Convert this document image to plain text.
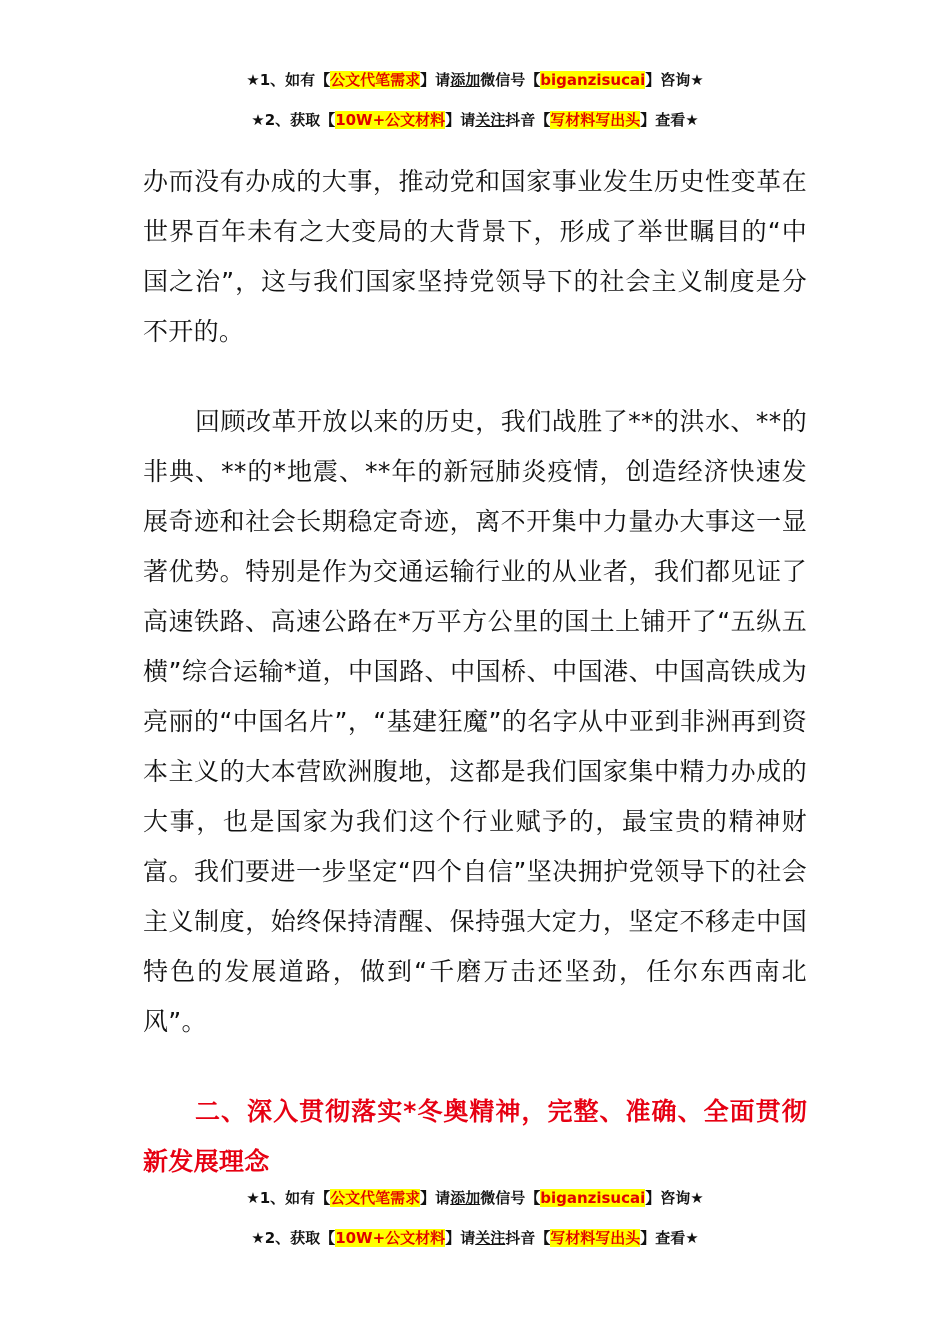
★1、如有【公文代笔需求】请添加微信号【biganzisucai】咨询★
★2、获取【10W+公文材料】请关注抖音【写材料写出头】查看★

办而没有办成的大事，推动党和国家事业发生历史性变革在世界百年未有之大变局的大背景下，形成了举世瞩目的“中国之治”，这与我们国家坚持党领导下的社会主义制度是分不开的。

回顾改革开放以来的历史，我们战胜了**的洪水、**的非典、**的*地震、**年的新冠肺炎疫情，创造经济快速发展奇迹和社会长期稳定奇迹，离不开集中力量办大事这一显著优势。特别是作为交通运输行业的从业者，我们都见证了高速铁路、高速公路在*万平方公里的国土上铺开了“五纵五横”综合运输*道，中国路、中国桥、中国港、中国高铁成为亮丽的“中国名片”，“基建狂魔”的名字从中亚到非洲再到资本主义的大本营欧洲腹地，这都是我们国家集中精力办成的大事，也是国家为我们这个行业赋予的，最宝贵的精神财富。我们要进一步坚定“四个自信”坚决拥护党领导下的社会主义制度，始终保持清醒、保持强大定力，坚定不移走中国特色的发展道路，做到“千磨万击还坚劲，任尔东西南北风”。

二、深入贯彻落实*冬奥精神，完整、准确、全面贯彻新发展理念

★1、如有【公文代笔需求】请添加微信号【biganzisucai】咨询★
★2、获取【10W+公文材料】请关注抖音【写材料写出头】查看★
